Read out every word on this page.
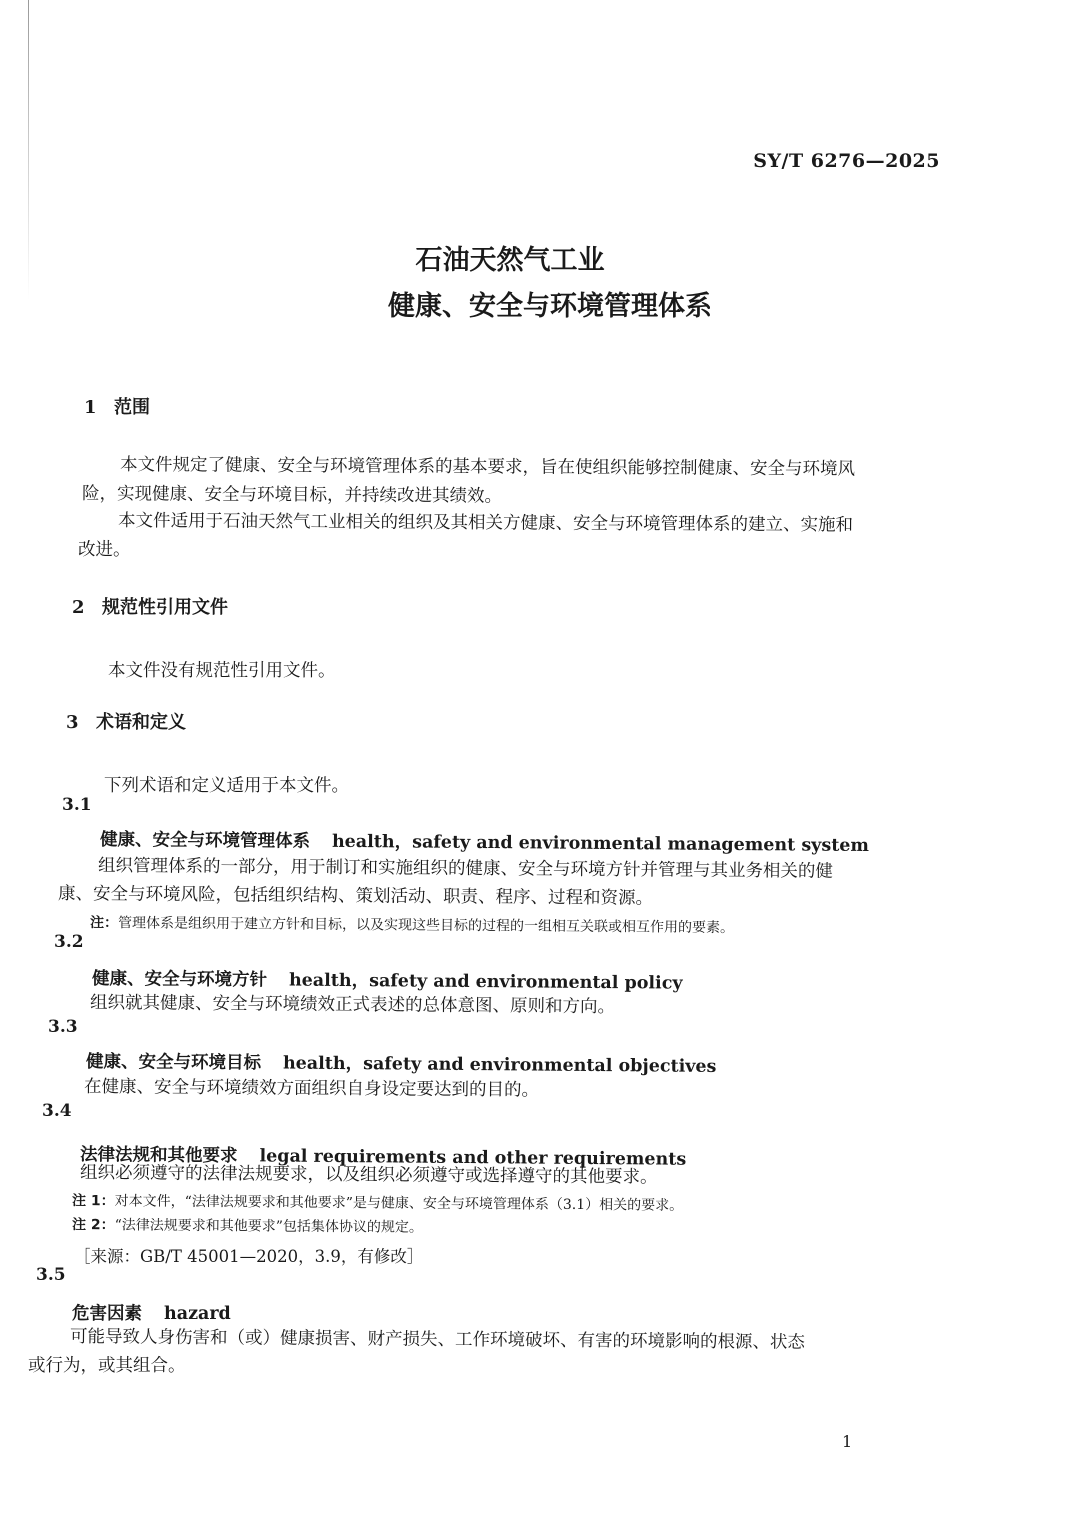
SY/T 6276—2025
石油天然气工业
健康、安全与环境管理体系
1 范围
本文件规定了健康、安全与环境管理体系的基本要求，旨在使组织能够控制健康、安全与环境风
险，实现健康、安全与环境目标，并持续改进其绩效。
本文件适用于石油天然气工业相关的组织及其相关方健康、安全与环境管理体系的建立、实施和
改进。
2 规范性引用文件
本文件没有规范性引用文件。
3 术语和定义
下列术语和定义适用于本文件。
3.1
健康、安全与环境管理体系 health，safety and environmental management system
组织管理体系的一部分，用于制订和实施组织的健康、安全与环境方针并管理与其业务相关的健
康、安全与环境风险，包括组织结构、策划活动、职责、程序、过程和资源。
注：管理体系是组织用于建立方针和目标，以及实现这些目标的过程的一组相互关联或相互作用的要素。
3.2
健康、安全与环境方针 health，safety and environmental policy
组织就其健康、安全与环境绩效正式表述的总体意图、原则和方向。
3.3
健康、安全与环境目标 health，safety and environmental objectives
在健康、安全与环境绩效方面组织自身设定要达到的目的。
3.4
法律法规和其他要求 legal requirements and other requirements
组织必须遵守的法律法规要求，以及组织必须遵守或选择遵守的其他要求。
注 1：对本文件，“法律法规要求和其他要求”是与健康、安全与环境管理体系（3.1）相关的要求。
注 2：“法律法规要求和其他要求”包括集体协议的规定。
［来源：GB/T 45001—2020，3.9，有修改］
3.5
危害因素 hazard
可能导致人身伤害和（或）健康损害、财产损失、工作环境破坏、有害的环境影响的根源、状态
或行为，或其组合。
1
